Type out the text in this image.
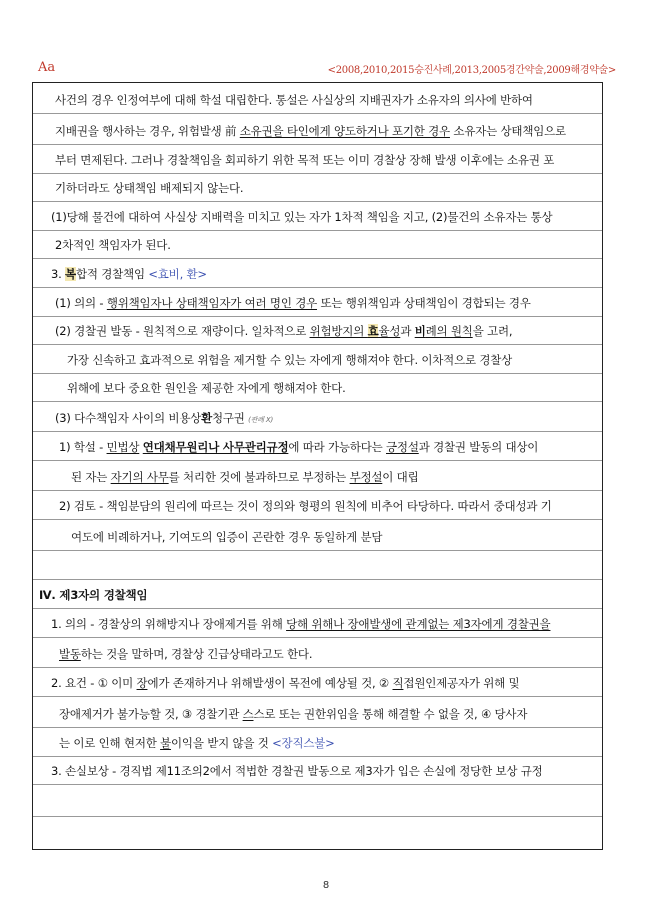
Aa	<2008,2010,2015승진사례,2013,2005경간약술,2009해경약술>
사건의 경우 인정여부에 대해 학설 대립한다. 통설은 사실상의 지배권자가 소유자의 의사에 반하여
지배권을 행사하는 경우, 위험발생 前 소유권을 타인에게 양도하거나 포기한 경우 소유자는 상태책임으로
부터 면제된다. 그러나 경찰책임을 회피하기 위한 목적 또는 이미 경찰상 장해 발생 이후에는 소유권 포
기하더라도 상태책임 배제되지 않는다.
(1)당해 물건에 대하여 사실상 지배력을 미치고 있는 자가 1차적 책임을 지고, (2)물건의 소유자는 통상
2차적인 책임자가 된다.
3. 복합적 경찰책임 <효비, 환>
(1) 의의 - 행위책임자나 상태책임자가 여러 명인 경우 또는 행위책임과 상태책임이 경합되는 경우
(2) 경찰권 발동 - 원칙적으로 재량이다. 일차적으로 위험방지의 효율성과 비례의 원칙을 고려,
가장 신속하고 효과적으로 위험을 제거할 수 있는 자에게 행해져야 한다. 이차적으로 경찰상
위해에 보다 중요한 원인을 제공한 자에게 행해져야 한다.
(3) 다수책임자 사이의 비용상환청구권 (판례 X)
1) 학설 - 민법상 연대채무원리나 사무관리규정에 따라 가능하다는 긍정설과 경찰권 발동의 대상이
된 자는 자기의 사무를 처리한 것에 불과하므로 부정하는 부정설이 대립
2) 검토 - 책임분담의 원리에 따르는 것이 정의와 형평의 원칙에 비추어 타당하다. 따라서 중대성과 기
여도에 비례하거나, 기여도의 입증이 곤란한 경우 동일하게 분담
Ⅳ. 제3자의 경찰책임
1. 의의 - 경찰상의 위해방지나 장애제거를 위해 당해 위해나 장애발생에 관계없는 제3자에게 경찰권을
발동하는 것을 말하며, 경찰상 긴급상태라고도 한다.
2. 요건 - ① 이미 장에가 존재하거나 위해발생이 목전에 예상될 것, ② 직접원인제공자가 위해 및
장애제거가 불가능할 것, ③ 경찰기관 스스로 또는 권한위임을 통해 해결할 수 없을 것, ④ 당사자
는 이로 인해 현저한 불이익을 받지 않을 것 <장직스불>
3. 손실보상 - 경직법 제11조의2에서 적법한 경찰권 발동으로 제3자가 입은 손실에 정당한 보상 규정
8
